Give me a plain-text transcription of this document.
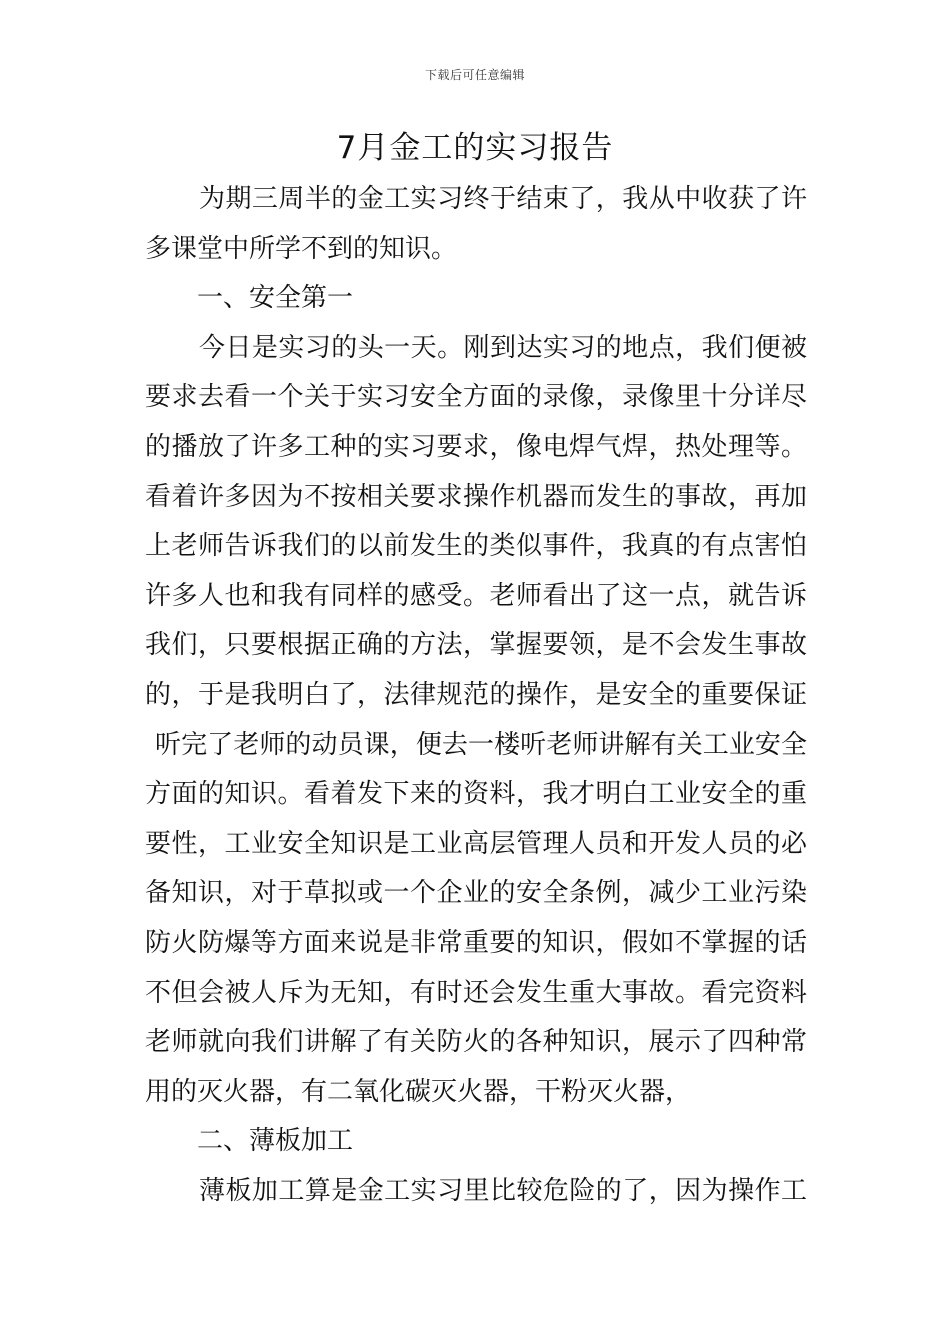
下载后可任意编辑
7月金工的实习报告
为期三周半的金工实习终于结束了，我从中收获了许
多课堂中所学不到的知识。
一、安全第一
今日是实习的头一天。刚到达实习的地点，我们便被
要求去看一个关于实习安全方面的录像，录像里十分详尽
的播放了许多工种的实习要求，像电焊气焊，热处理等。
看着许多因为不按相关要求操作机器而发生的事故，再加
上老师告诉我们的以前发生的类似事件，我真的有点害怕
许多人也和我有同样的感受。老师看出了这一点，就告诉
我们，只要根据正确的方法，掌握要领，是不会发生事故
的，于是我明白了，法律规范的操作，是安全的重要保证
听完了老师的动员课，便去一楼听老师讲解有关工业安全
方面的知识。看着发下来的资料，我才明白工业安全的重
要性，工业安全知识是工业高层管理人员和开发人员的必
备知识，对于草拟或一个企业的安全条例，减少工业污染
防火防爆等方面来说是非常重要的知识，假如不掌握的话
不但会被人斥为无知，有时还会发生重大事故。看完资料
老师就向我们讲解了有关防火的各种知识，展示了四种常
用的灭火器，有二氧化碳灭火器，干粉灭火器，
二、薄板加工
薄板加工算是金工实习里比较危险的了，因为操作工
